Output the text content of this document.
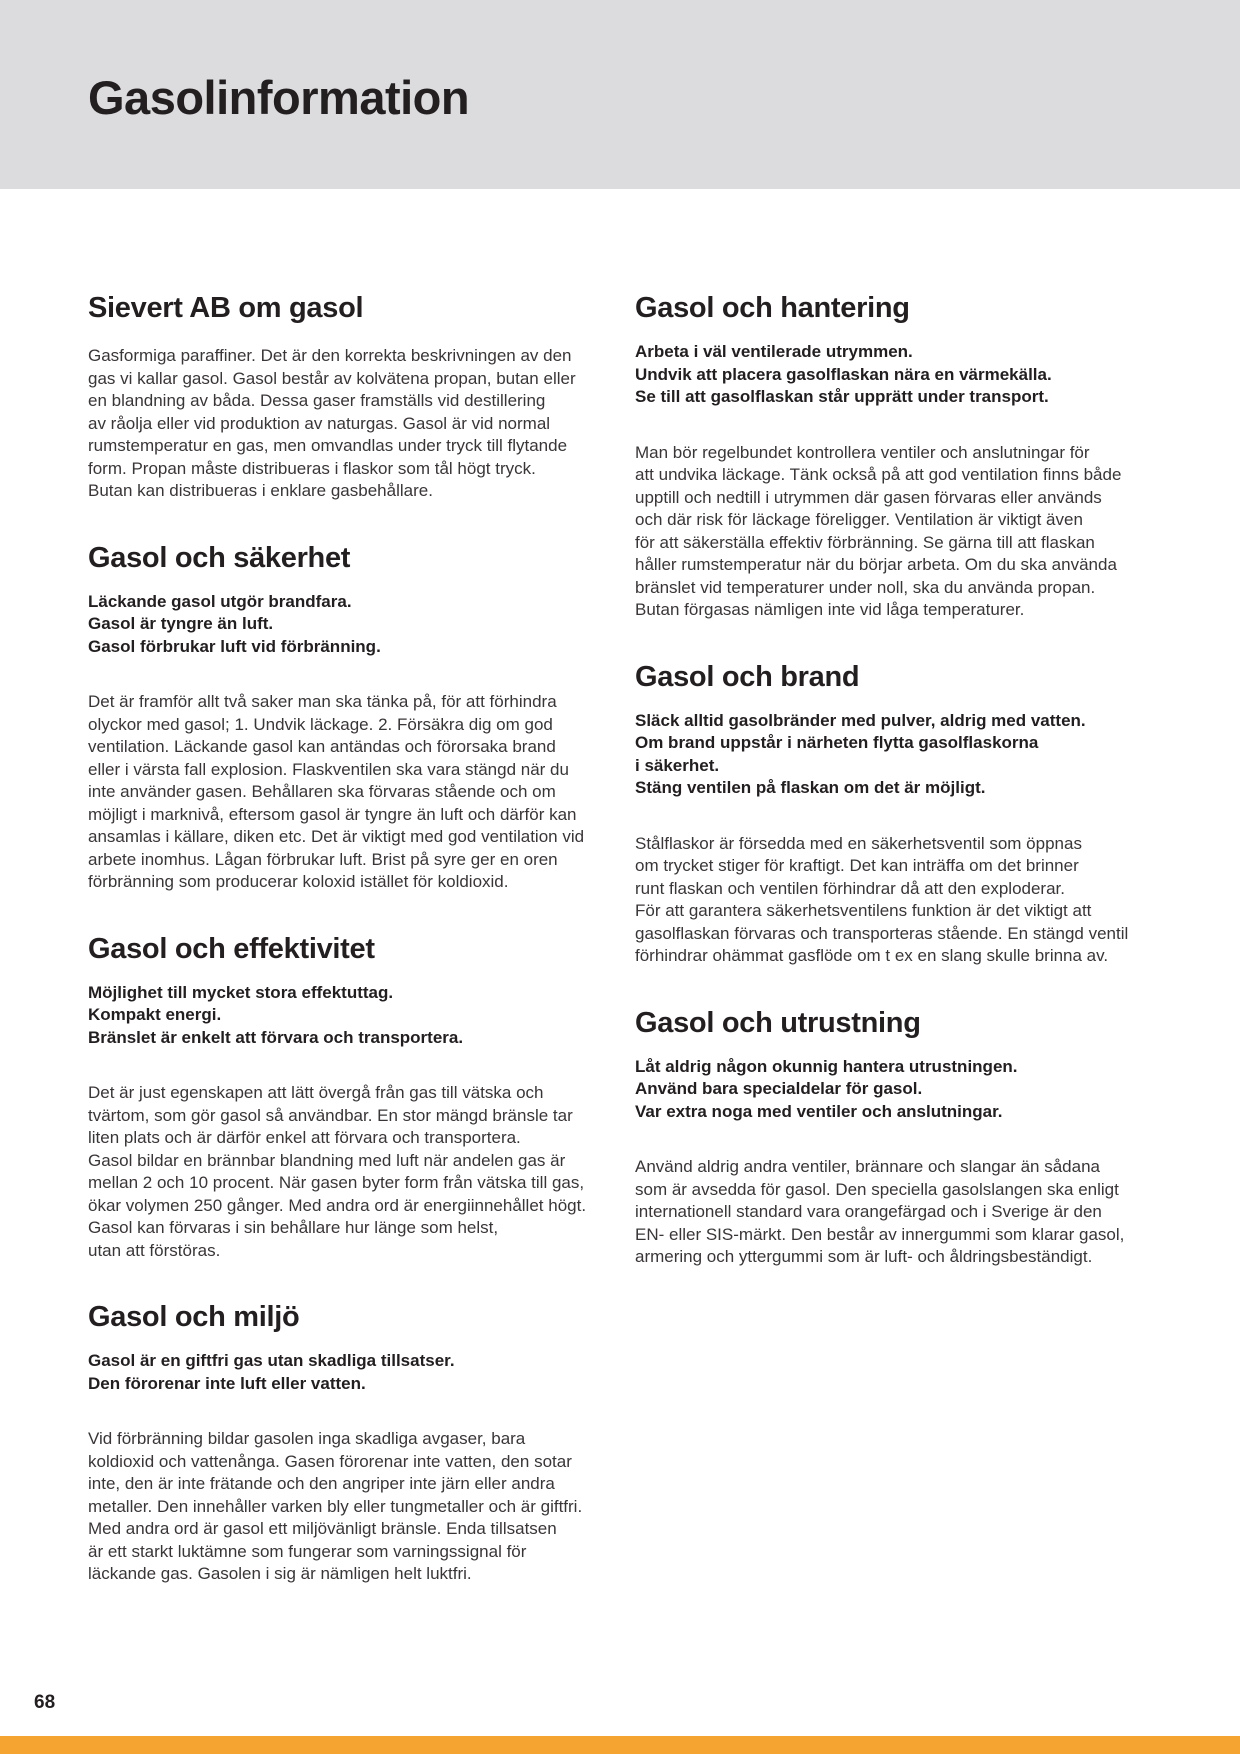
Gasolinformation
Sievert AB om gasol
Gasformiga paraffiner. Det är den korrekta beskrivningen av den
gas vi kallar gasol. Gasol består av kolvätena propan, butan eller
en blandning av båda. Dessa gaser framställs vid destillering
av råolja eller vid produktion av naturgas. Gasol är vid normal
rumstemperatur en gas, men omvandlas under tryck till flytande
form. Propan måste distribueras i flaskor som tål högt tryck.
Butan kan distribueras i enklare gasbehållare.
Gasol och säkerhet
Läckande gasol utgör brandfara.
Gasol är tyngre än luft.
Gasol förbrukar luft vid förbränning.
Det är framför allt två saker man ska tänka på, för att förhindra
olyckor med gasol; 1. Undvik läckage. 2. Försäkra dig om god
ventilation. Läckande gasol kan antändas och förorsaka brand
eller i värsta fall explosion. Flaskventilen ska vara stängd när du
inte använder gasen. Behållaren ska förvaras stående och om
möjligt i marknivå, eftersom gasol är tyngre än luft och därför kan
ansamlas i källare, diken etc. Det är viktigt med god ventilation vid
arbete inomhus. Lågan förbrukar luft. Brist på syre ger en oren
förbränning som producerar koloxid istället för koldioxid.
Gasol och effektivitet
Möjlighet till mycket stora effektuttag.
Kompakt energi.
Bränslet är enkelt att förvara och transportera.
Det är just egenskapen att lätt övergå från gas till vätska och
tvärtom, som gör gasol så användbar. En stor mängd bränsle tar
liten plats och är därför enkel att förvara och transportera.
Gasol bildar en brännbar blandning med luft när andelen gas är
mellan 2 och 10 procent. När gasen byter form från vätska till gas,
ökar volymen 250 gånger. Med andra ord är energiinnehållet högt.
Gasol kan förvaras i sin behållare hur länge som helst,
utan att förstöras.
Gasol och miljö
Gasol är en giftfri gas utan skadliga tillsatser.
Den förorenar inte luft eller vatten.
Vid förbränning bildar gasolen inga skadliga avgaser, bara
koldioxid och vattenånga. Gasen förorenar inte vatten, den sotar
inte, den är inte frätande och den angriper inte järn eller andra
metaller. Den innehåller varken bly eller tungmetaller och är giftfri.
Med andra ord är gasol ett miljövänligt bränsle. Enda tillsatsen
är ett starkt luktämne som fungerar som varningssignal för
läckande gas. Gasolen i sig är nämligen helt luktfri.
Gasol och hantering
Arbeta i väl ventilerade utrymmen.
Undvik att placera gasolflaskan nära en värmekälla.
Se till att gasolflaskan står upprätt under transport.
Man bör regelbundet kontrollera ventiler och anslutningar för
att undvika läckage. Tänk också på att god ventilation finns både
upptill och nedtill i utrymmen där gasen förvaras eller används
och där risk för läckage föreligger. Ventilation är viktigt även
för att säkerställa effektiv förbränning. Se gärna till att flaskan
håller rumstemperatur när du börjar arbeta. Om du ska använda
bränslet vid temperaturer under noll, ska du använda propan.
Butan förgasas nämligen inte vid låga temperaturer.
Gasol och brand
Släck alltid gasolbränder med pulver, aldrig med vatten.
Om brand uppstår i närheten flytta gasolflaskorna
i säkerhet.
Stäng ventilen på flaskan om det är möjligt.
Stålflaskor är försedda med en säkerhetsventil som öppnas
om trycket stiger för kraftigt. Det kan inträffa om det brinner
runt flaskan och ventilen förhindrar då att den exploderar.
För att garantera säkerhetsventilens funktion är det viktigt att
gasolflaskan förvaras och transporteras stående. En stängd ventil
förhindrar ohämmat gasflöde om t ex en slang skulle brinna av.
Gasol och utrustning
Låt aldrig någon okunnig hantera utrustningen.
Använd bara specialdelar för gasol.
Var extra noga med ventiler och anslutningar.
Använd aldrig andra ventiler, brännare och slangar än sådana
som är avsedda för gasol. Den speciella gasolslangen ska enligt
internationell standard vara orangefärgad och i Sverige är den
EN- eller SIS-märkt. Den består av innergummi som klarar gasol,
armering och yttergummi som är luft- och åldringsbeständigt.
68
